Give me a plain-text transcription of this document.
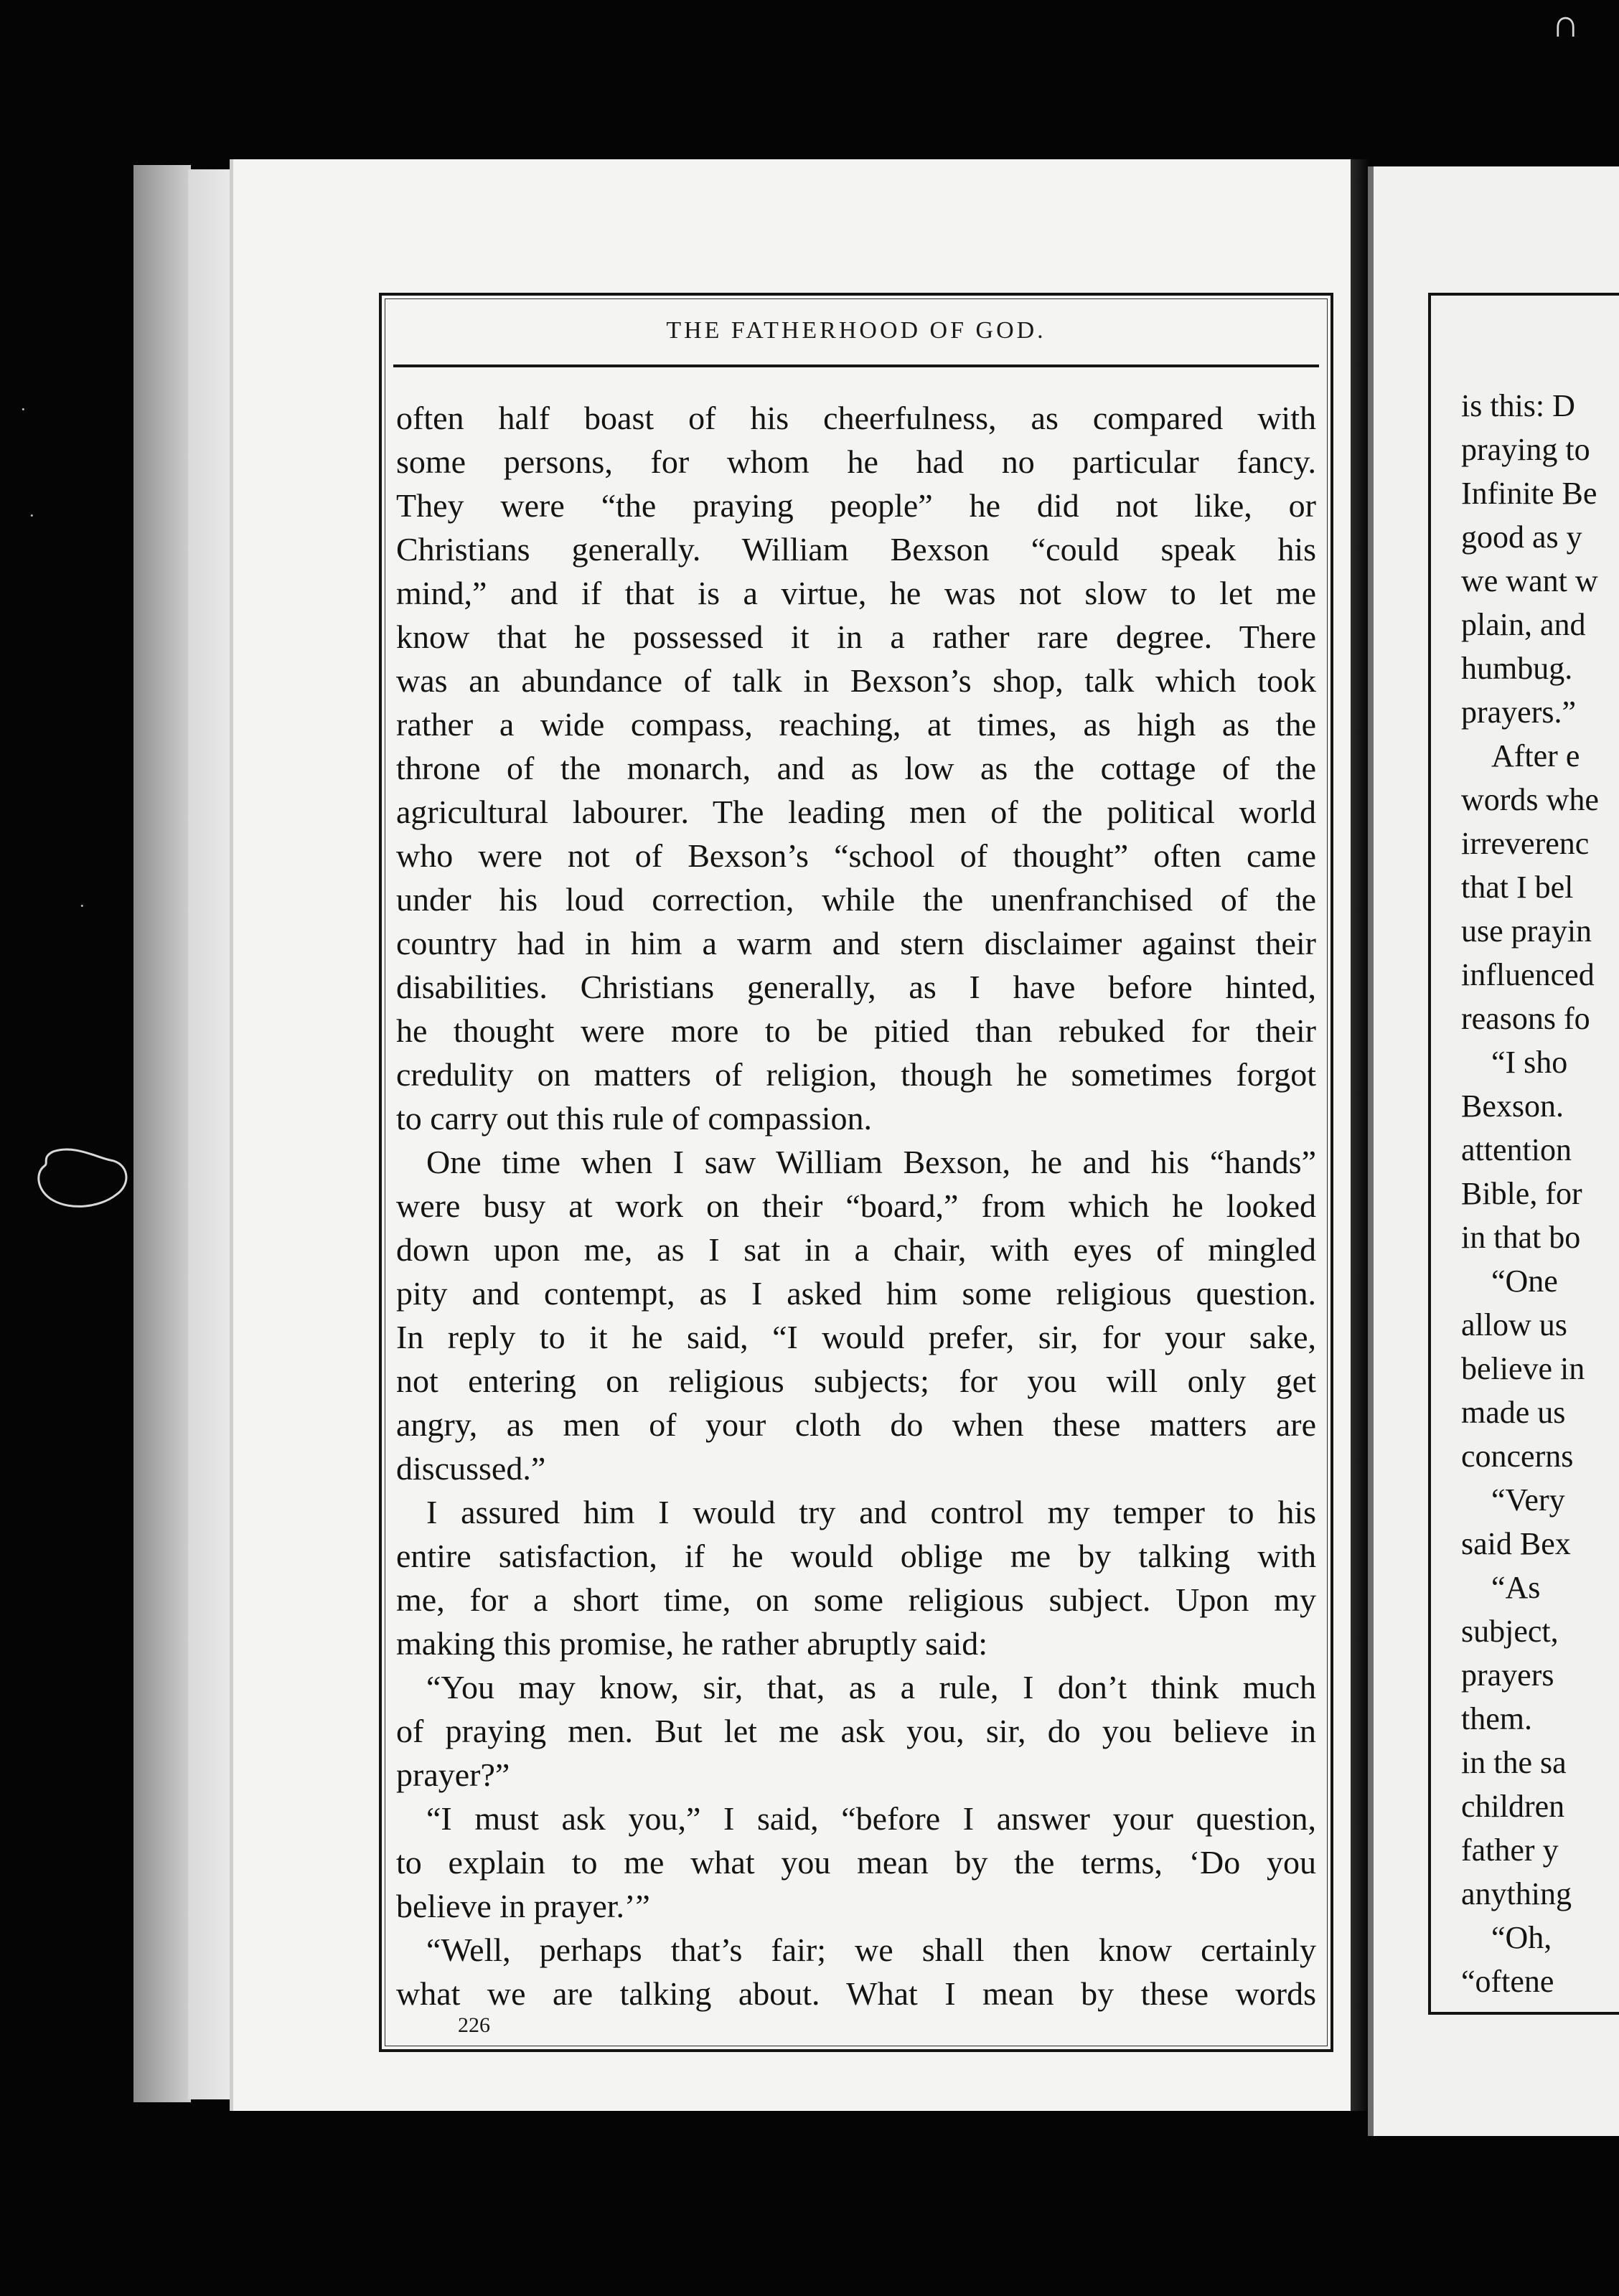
THE FATHERHOOD OF GOD.
often half boast of his cheerfulness, as compared with
some persons, for whom he had no particular fancy.
They were “the praying people” he did not like, or
Christians generally. William Bexson “could speak his
mind,” and if that is a virtue, he was not slow to let me
know that he possessed it in a rather rare degree. There
was an abundance of talk in Bexson’s shop, talk which took
rather a wide compass, reaching, at times, as high as the
throne of the monarch, and as low as the cottage of the
agricultural labourer. The leading men of the political world
who were not of Bexson’s “school of thought” often came
under his loud correction, while the unenfranchised of the
country had in him a warm and stern disclaimer against their
disabilities. Christians generally, as I have before hinted,
he thought were more to be pitied than rebuked for their
credulity on matters of religion, though he sometimes forgot
to carry out this rule of compassion.
One time when I saw William Bexson, he and his “hands”
were busy at work on their “board,” from which he looked
down upon me, as I sat in a chair, with eyes of mingled
pity and contempt, as I asked him some religious question.
In reply to it he said, “I would prefer, sir, for your sake,
not entering on religious subjects; for you will only get
angry, as men of your cloth do when these matters are
discussed.”
I assured him I would try and control my temper to his
entire satisfaction, if he would oblige me by talking with
me, for a short time, on some religious subject. Upon my
making this promise, he rather abruptly said:
“You may know, sir, that, as a rule, I don’t think much
of praying men. But let me ask you, sir, do you believe in
prayer?”
“I must ask you,” I said, “before I answer your question,
to explain to me what you mean by the terms, ‘Do you
believe in prayer.’”
“Well, perhaps that’s fair; we shall then know certainly
what we are talking about. What I mean by these words
226
is this: D
praying to
Infinite Be
good as y
we want w
plain, and
humbug.
prayers.”
After e
words whe
irreverenc
that I bel
use prayin
influenced
reasons fo
“I sho
Bexson.
attention
Bible, for
in that bo
“One
allow us
believe in
made us
concerns
“Very
said Bex
“As
subject,
prayers
them.
in the sa
children
father y
anything
“Oh,
“oftene
∩
·
·
·
